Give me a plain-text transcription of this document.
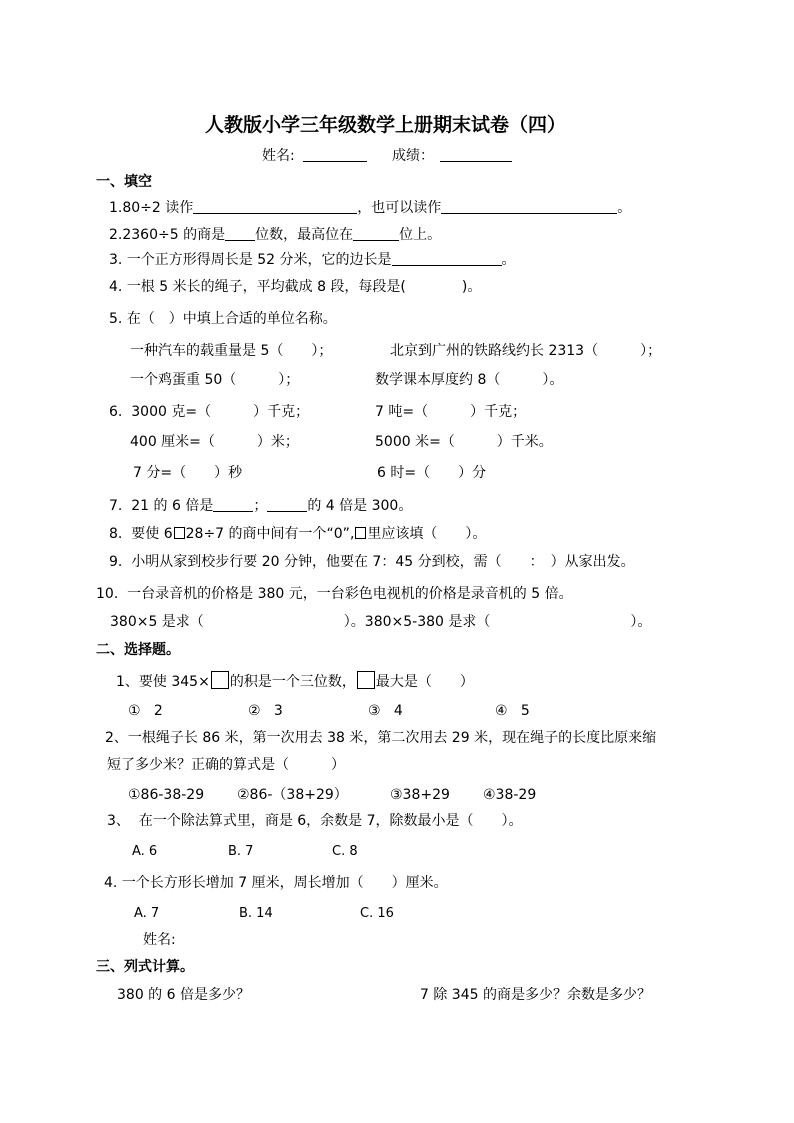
人教版小学三年级数学上册期末试卷（四）
姓名:	成绩：
一、填空
1.80÷2 读作	，也可以读作	。
2.2360÷5 的商是 位数，最高位在	位上。
3. 一个正方形得周长是 52 分米，它的边长是	。
4. 一根 5 米长的绳子，平均截成 8 段，每段是(　　　　)。
5. 在（　）中填上合适的单位名称。
一种汽车的载重量是 5（　　）；	北京到广州的铁路线约长 2313（　　　）；
一个鸡蛋重 50（　　　）；	数学课本厚度约 8（　　　）。
6. 3000 克=（　　　）千克；	7 吨=（　　　）千克；
400 厘米=（　　　）米；	5000 米=（　　　）千米。
7 分=（　　）秒	6 时=（　　）分
7. 21 的 6 倍是	；	的 4 倍是 300。
8. 要使 6 28÷7 的商中间有一个“0”, 里应该填（　　）。
9. 小明从家到校步行要 20 分钟，他要在 7：45 分到校，需（　　：　）从家出发。
10. 一台录音机的价格是 380 元，一台彩色电视机的价格是录音机的 5 倍。
380×5 是求（　　　　　　　　　　）。380×5-380 是求（　　　　　　　　　　）。
二、选择题。
1、要使 345× 的积是一个三位数， 最大是（　　）
① 2	② 3	③ 4	④ 5
2、一根绳子长 86 米，第一次用去 38 米，第二次用去 29 米，现在绳子的长度比原来缩
短了多少米？正确的算式是（　　　）
①86-38-29 ②86-（38+29）	③38+29 ④38-29
3、 在一个除法算式里，商是 6，余数是 7，除数最小是（　　）。
A. 6	B. 7	C. 8
4. 一个长方形长增加 7 厘米，周长增加（　　）厘米。
A. 7	B. 14	C. 16
姓名:
三、列式计算。
380 的 6 倍是多少？	7 除 345 的商是多少？余数是多少？
